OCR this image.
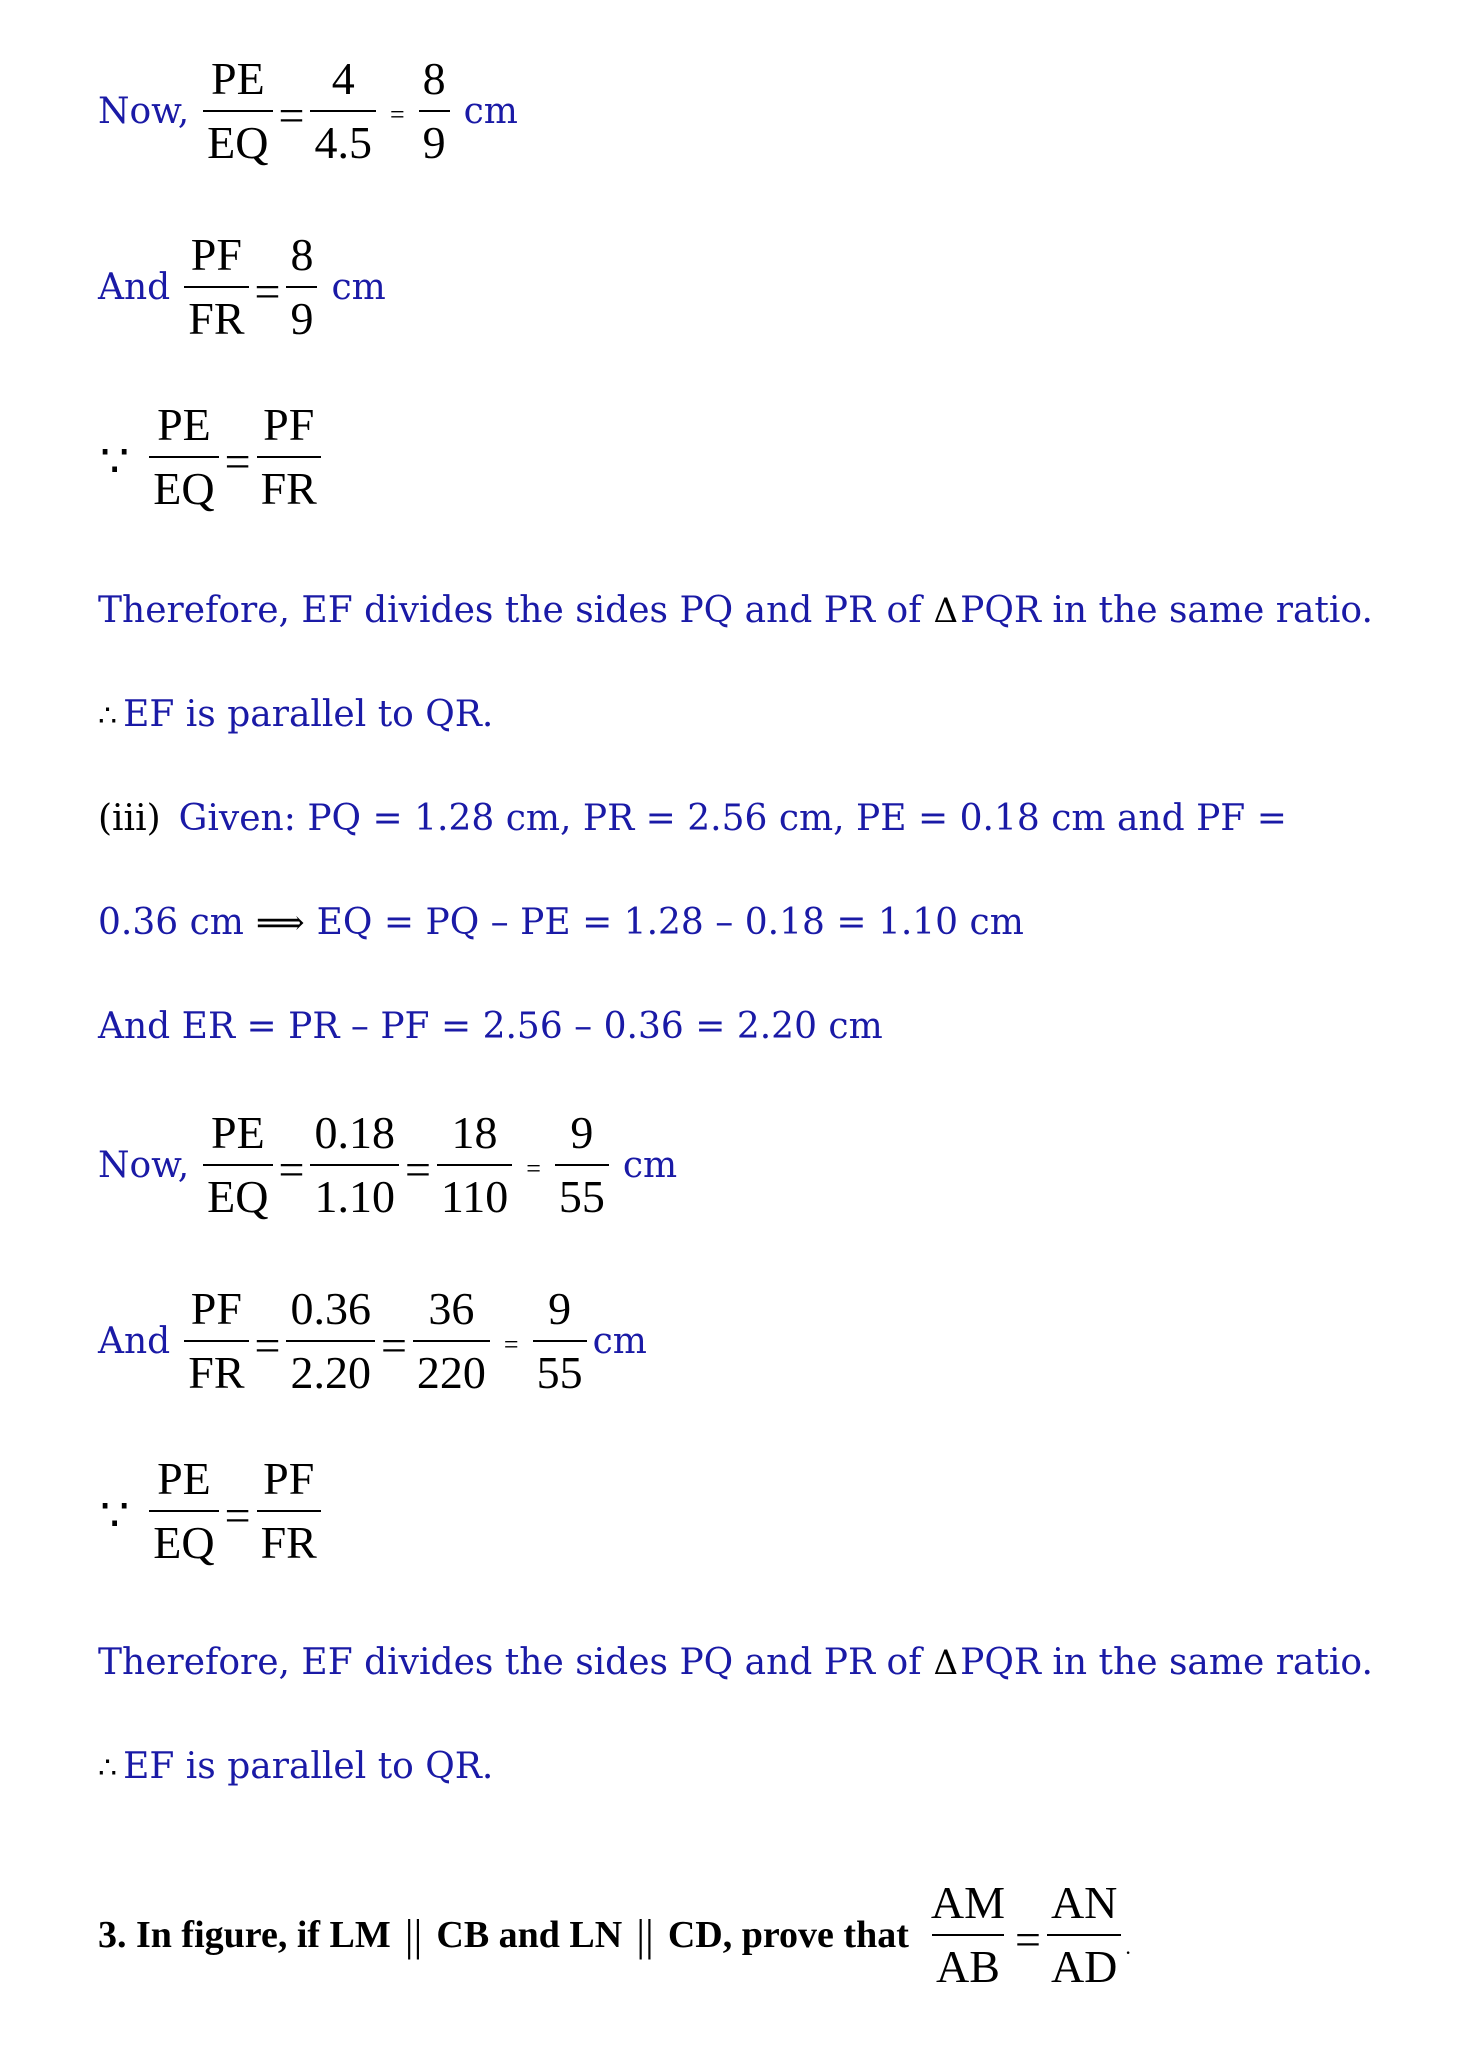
Now, $\frac{PE}{EQ} = \frac{4}{4.5} = \frac{8}{9}$ cm
And $\frac{PF}{FR} = \frac{8}{9}$ cm
∵ $\frac{PE}{EQ} = \frac{PF}{FR}$
Therefore, EF divides the sides PQ and PR of ΔPQR in the same ratio.
∴ EF is parallel to QR.
(iii) Given: PQ = 1.28 cm, PR = 2.56 cm, PE = 0.18 cm and PF =
0.36 cm ⟹ EQ = PQ – PE = 1.28 – 0.18 = 1.10 cm
And ER = PR – PF = 2.56 – 0.36 = 2.20 cm
Now, $\frac{PE}{EQ} = \frac{0.18}{1.10} = \frac{18}{110} = \frac{9}{55}$ cm
And $\frac{PF}{FR} = \frac{0.36}{2.20} = \frac{36}{220} = \frac{9}{55}$ cm
∵ $\frac{PE}{EQ} = \frac{PF}{FR}$
Therefore, EF divides the sides PQ and PR of ΔPQR in the same ratio.
∴ EF is parallel to QR.
3. In figure, if LM || CB and LN || CD, prove that $\frac{AM}{AB} = \frac{AN}{AD}$ .
